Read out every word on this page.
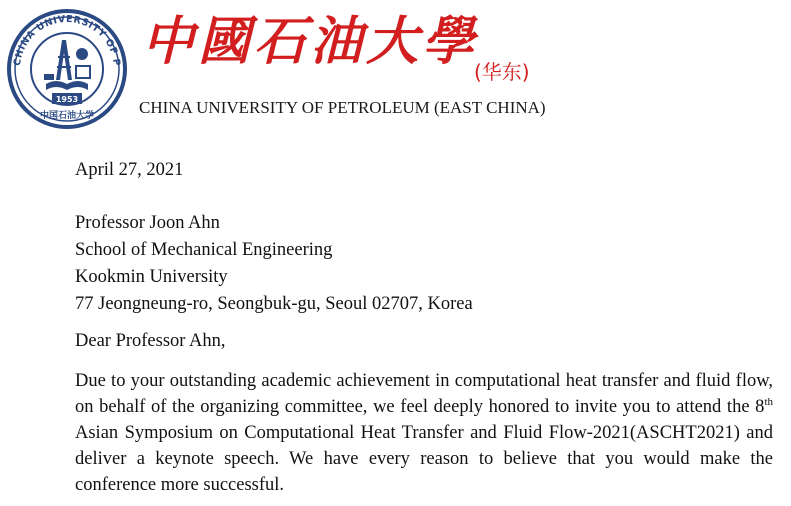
CHINA UNIVERSITY OF P
1953
中国石油大学
中國石油大學
(华东)
CHINA UNIVERSITY OF PETROLEUM (EAST CHINA)
April 27, 2021
Professor Joon Ahn
School of Mechanical Engineering
Kookmin University
77 Jeongneung-ro, Seongbuk-gu, Seoul 02707, Korea
Dear Professor Ahn,
Due to your outstanding academic achievement in computational heat transfer and fluid flow, on behalf of the organizing committee, we feel deeply honored to invite you to attend the 8th Asian Symposium on Computational Heat Transfer and Fluid Flow-2021(ASCHT2021) and deliver a keynote speech. We have every reason to believe that you would make the conference more successful.
